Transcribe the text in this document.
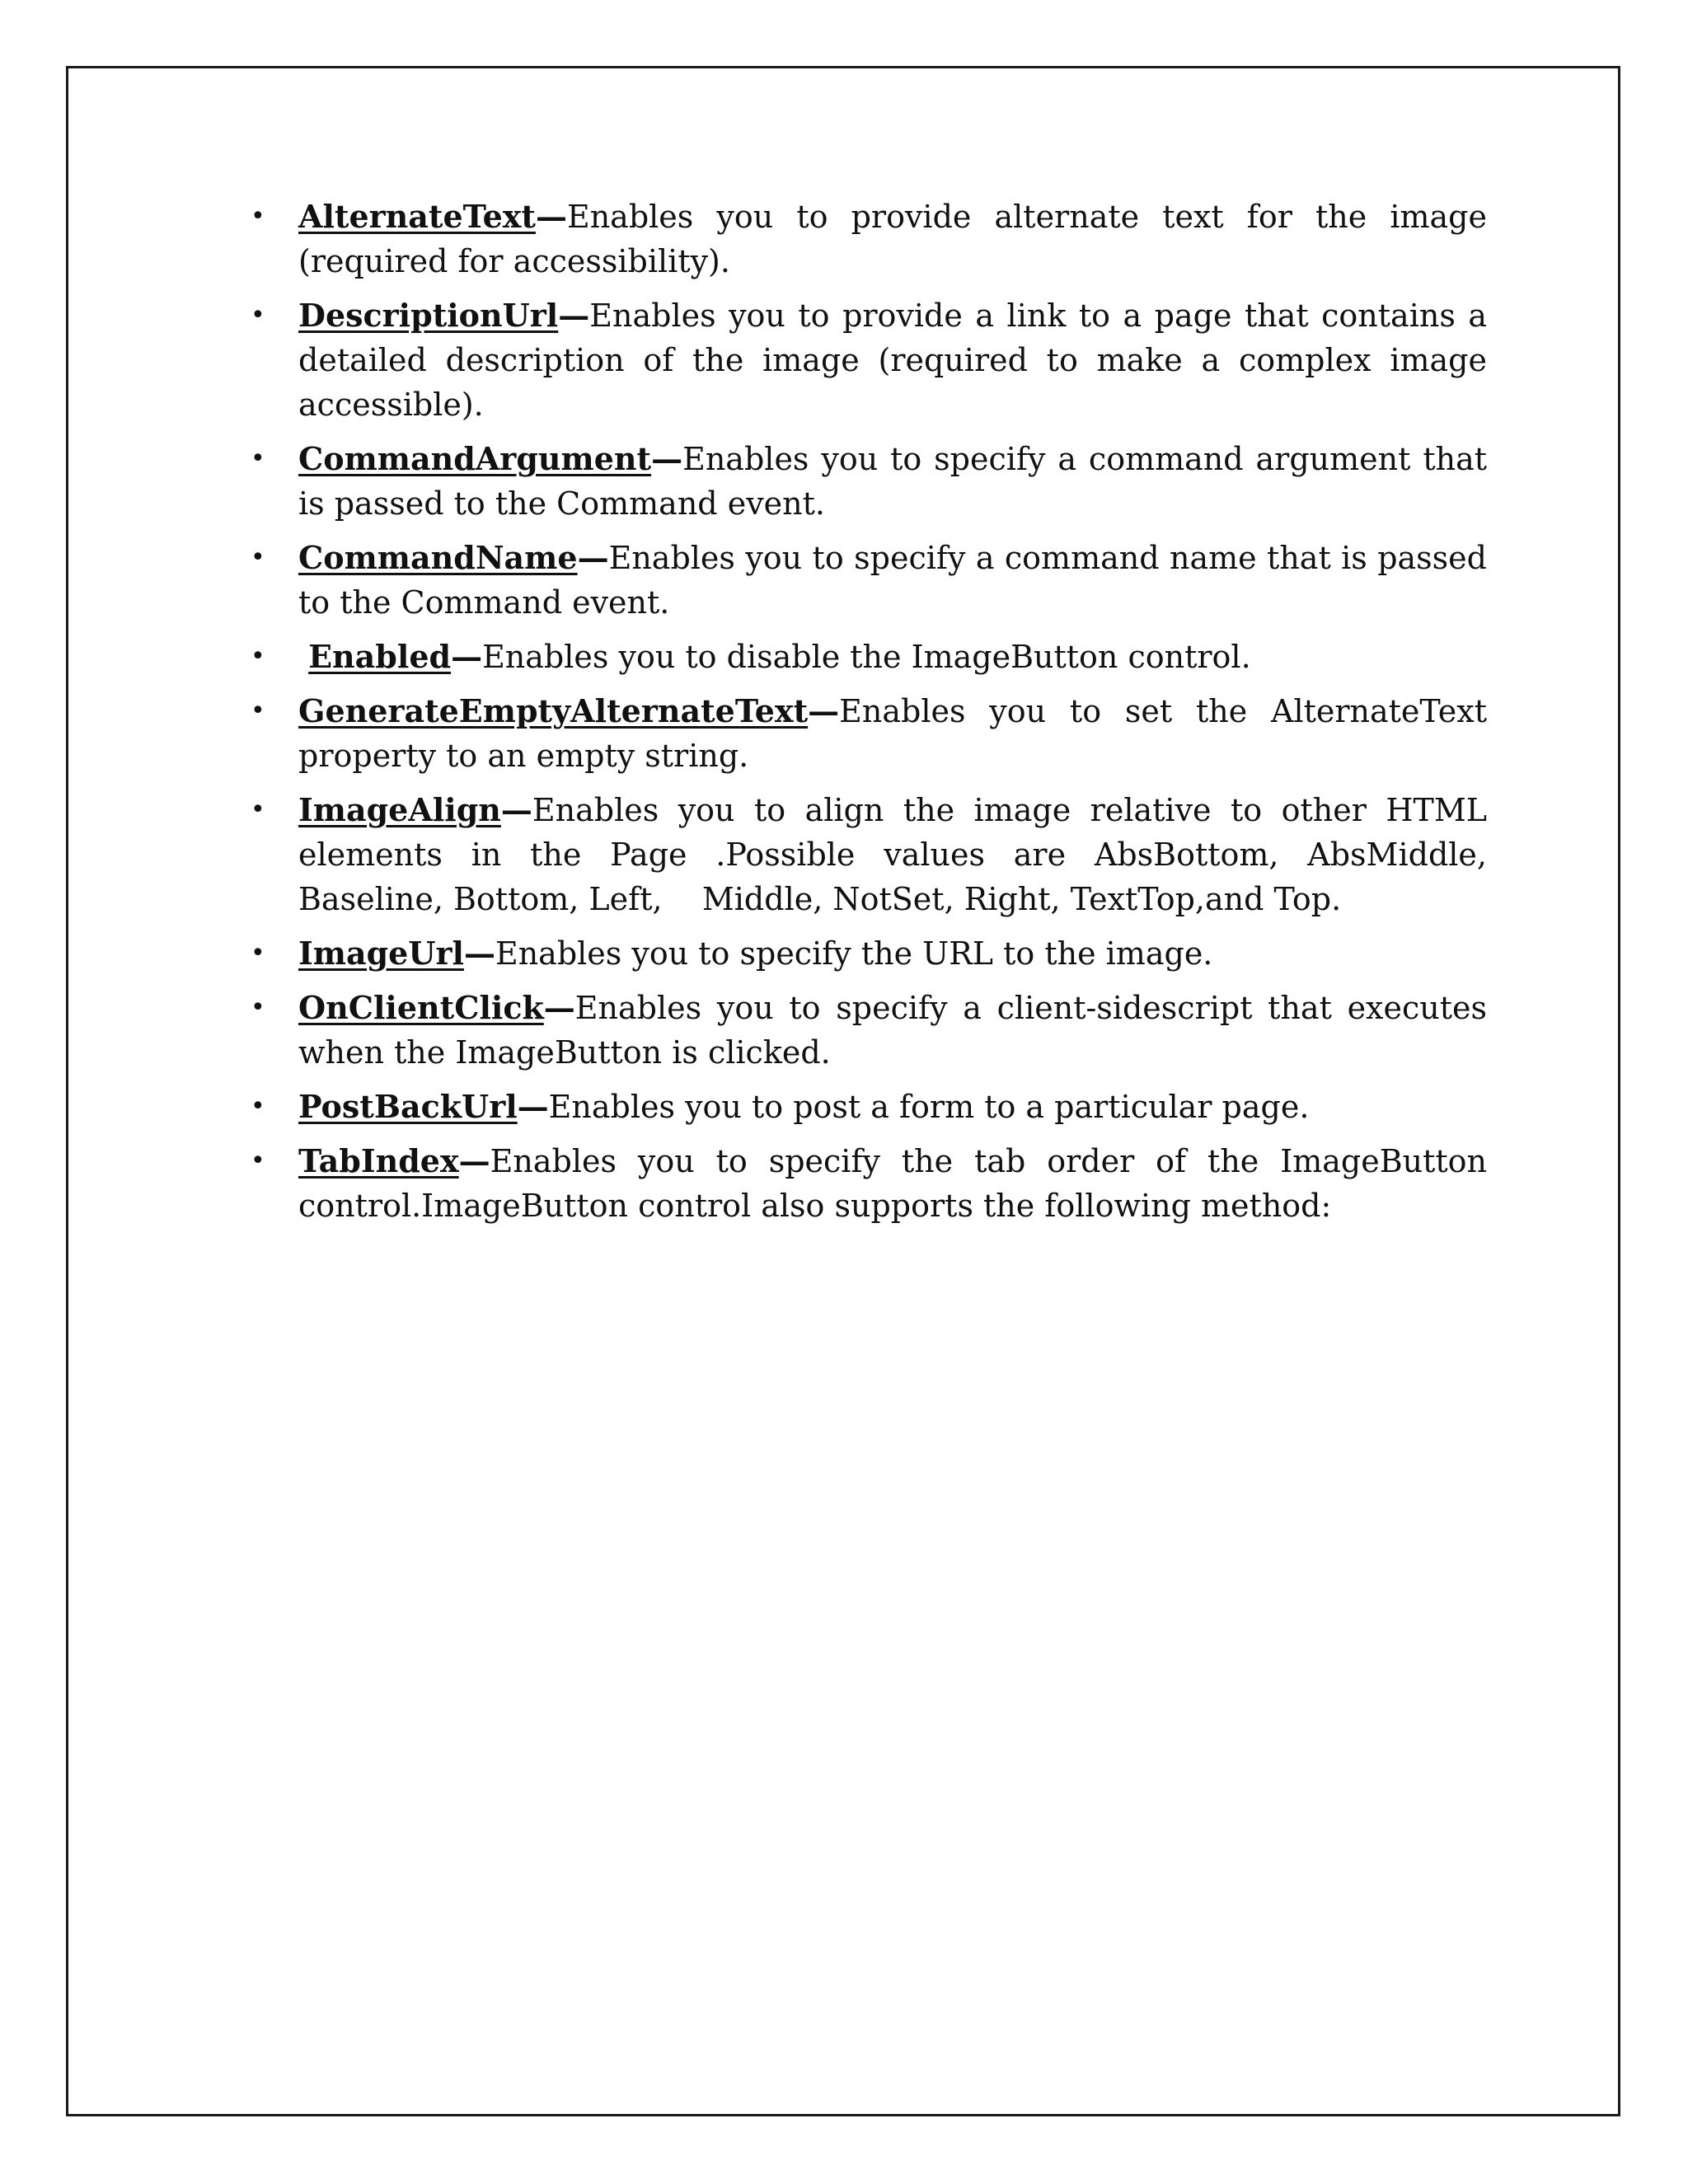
•	AlternateText—Enables you to provide alternate text for the image (required for accessibility).
•	DescriptionUrl—Enables you to provide a link to a page that contains a detailed description of the image (required to make a complex image accessible).
•	CommandArgument—Enables you to specify a command argument that is passed to the Command event.
•	CommandName—Enables you to specify a command name that is passed to the Command event.
•	Enabled—Enables you to disable the ImageButton control.
•	GenerateEmptyAlternateText—Enables you to set the AlternateText property to an empty string.
•	ImageAlign—Enables you to align the image relative to other HTML elements in the Page .Possible values are AbsBottom, AbsMiddle, Baseline, Bottom, Left,    Middle, NotSet, Right, TextTop,and Top.
•	ImageUrl—Enables you to specify the URL to the image.
•	OnClientClick—Enables you to specify a client-sidescript that executes when the ImageButton is clicked.
•	PostBackUrl—Enables you to post a form to a particular page.
•	TabIndex—Enables you to specify the tab order of the ImageButton control.ImageButton control also supports the following method:
